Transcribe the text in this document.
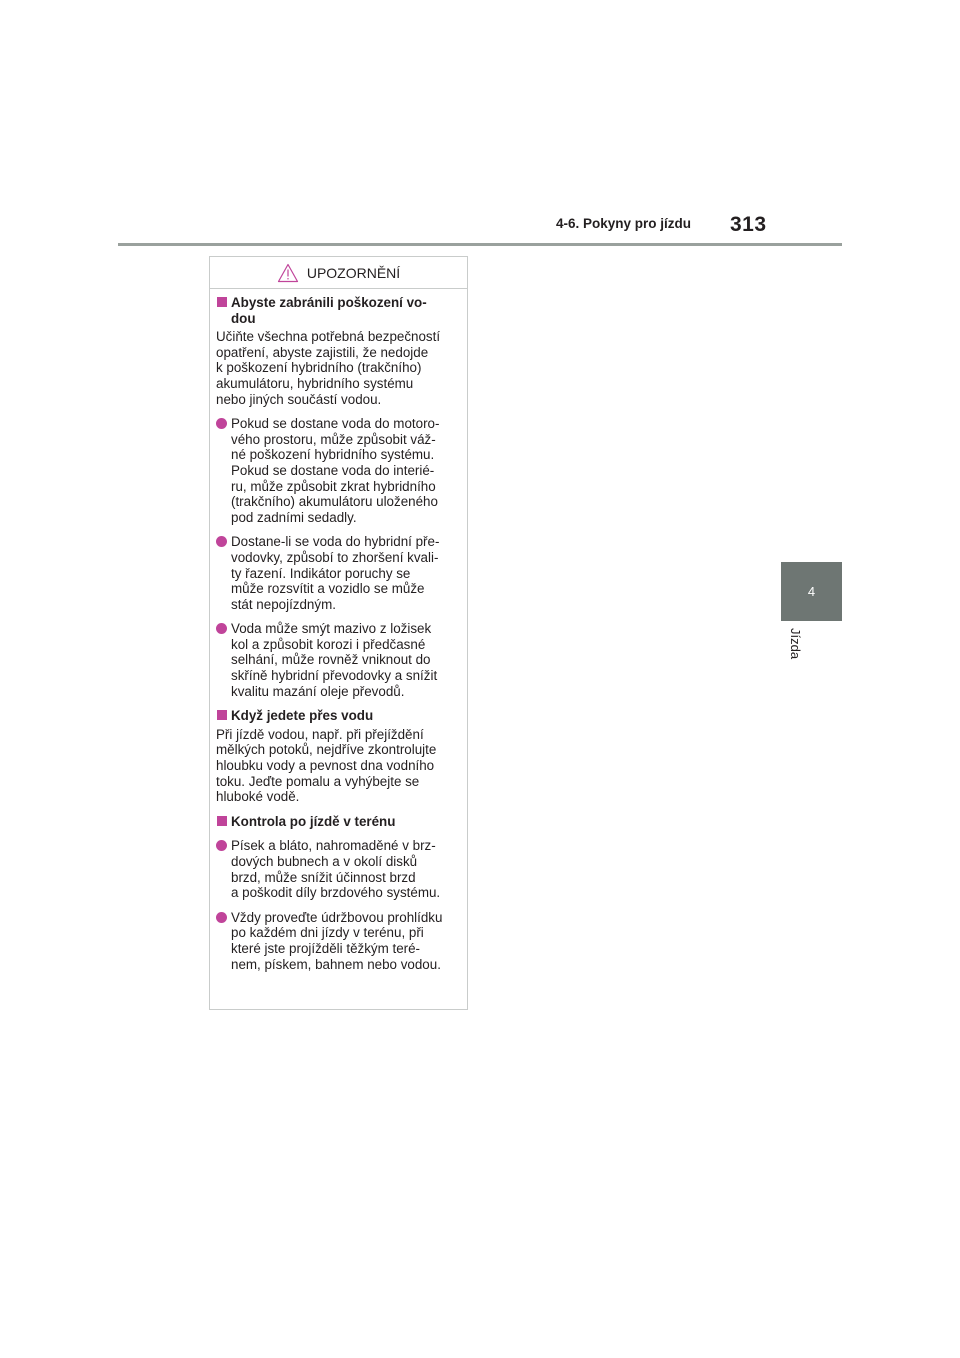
4-6. Pokyny pro jízdu 313
4
Jízda
UPOZORNĚNÍ
Abyste zabránili poškození vo-
dou
Učiňte všechna potřebná bezpečností
opatření, abyste zajistili, že nedojde
k poškození hybridního (trakčního)
akumulátoru, hybridního systému
nebo jiných součástí vodou.
Pokud se dostane voda do motoro-
vého prostoru, může způsobit váž-
né poškození hybridního systému.
Pokud se dostane voda do interié-
ru, může způsobit zkrat hybridního
(trakčního) akumulátoru uloženého
pod zadními sedadly.
Dostane-li se voda do hybridní pře-
vodovky, způsobí to zhoršení kvali-
ty řazení. Indikátor poruchy se
může rozsvítit a vozidlo se může
stát nepojízdným.
Voda může smýt mazivo z ložisek
kol a způsobit korozi i předčasné
selhání, může rovněž vniknout do
skříně hybridní převodovky a snížit
kvalitu mazání oleje převodů.
Když jedete přes vodu
Při jízdě vodou, např. při přejíždění
mělkých potoků, nejdříve zkontrolujte
hloubku vody a pevnost dna vodního
toku. Jeďte pomalu a vyhýbejte se
hluboké vodě.
Kontrola po jízdě v terénu
Písek a bláto, nahromaděné v brz-
dových bubnech a v okolí disků
brzd, může snížit účinnost brzd
a poškodit díly brzdového systému.
Vždy proveďte údržbovou prohlídku
po každém dni jízdy v terénu, při
které jste projížděli těžkým teré-
nem, pískem, bahnem nebo vodou.
